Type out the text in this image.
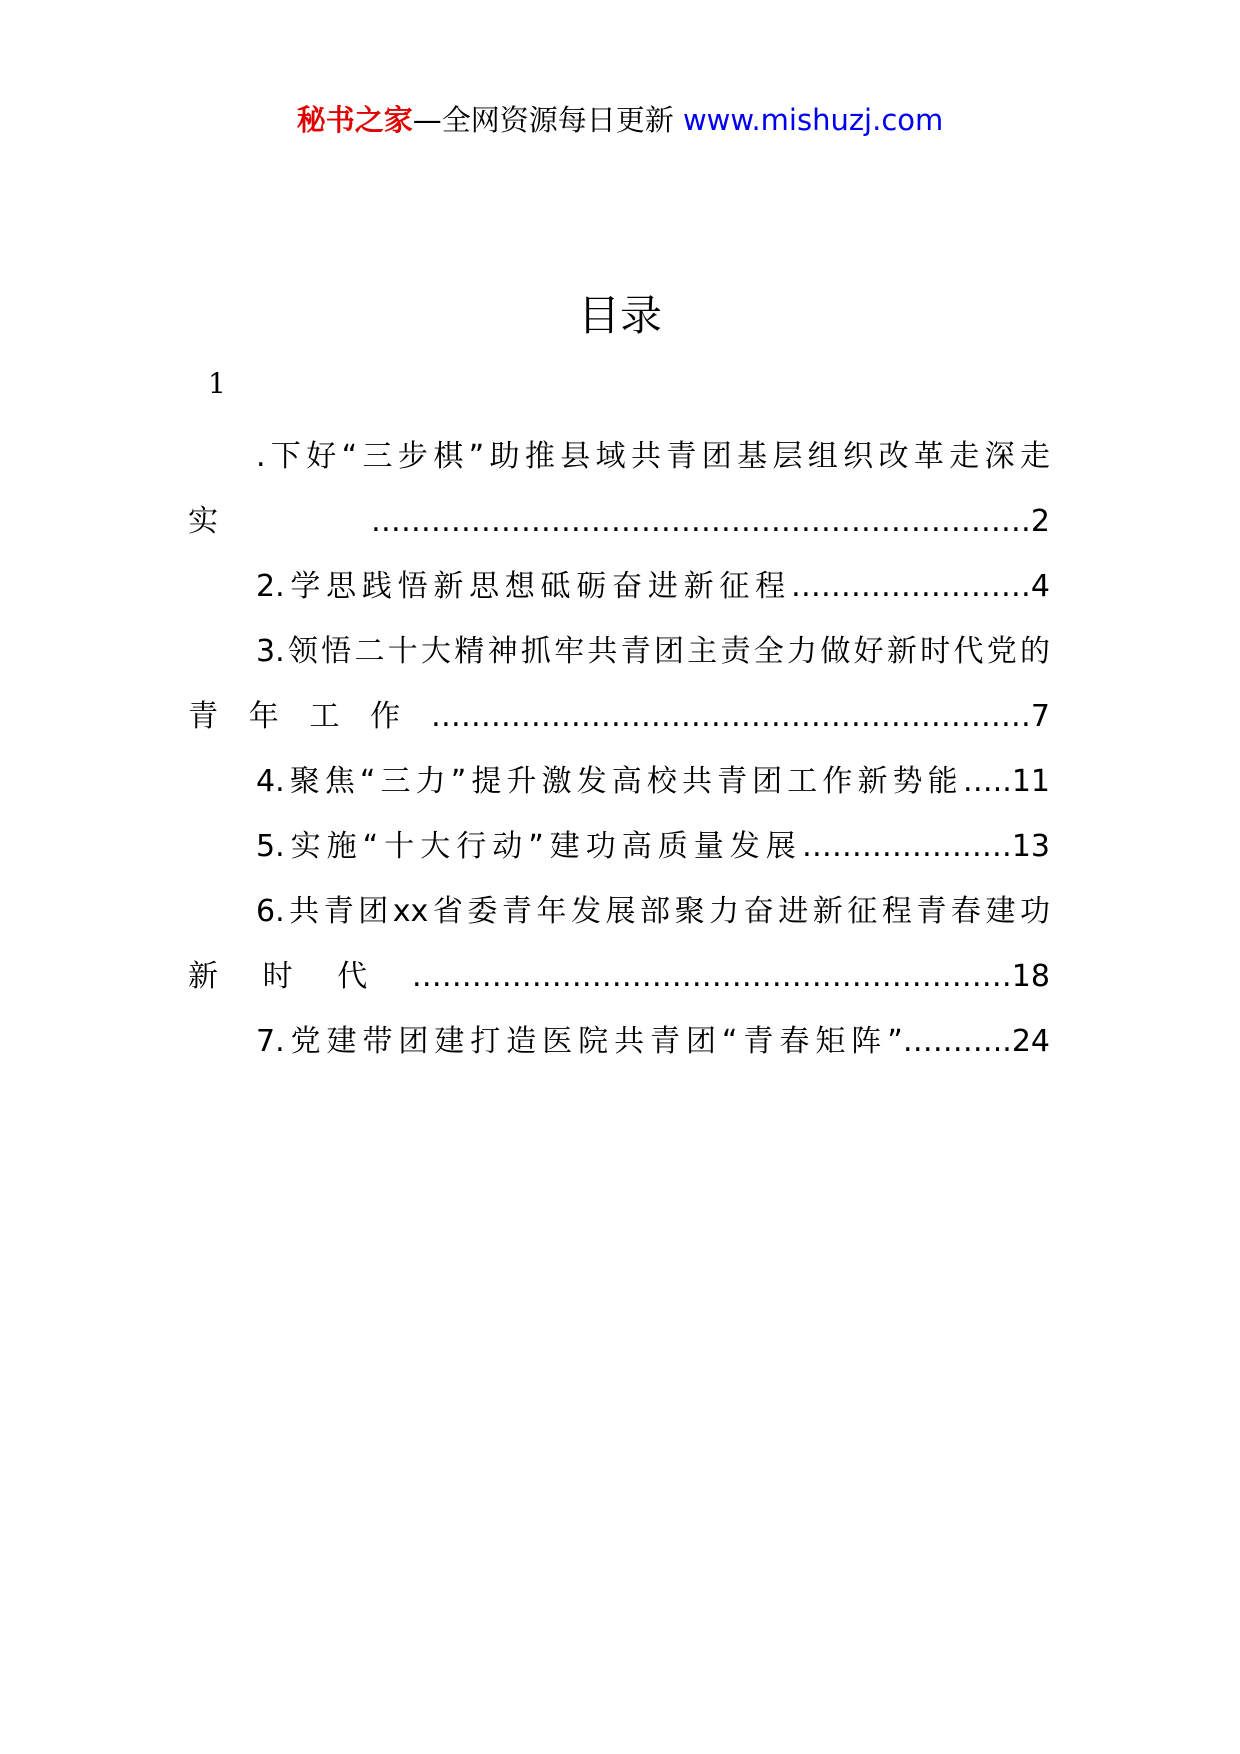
秘书之家—全网资源每日更新 www.mishuzj.com
目录
1
.下好“三步棋”助推县域共青团基层组织改革走深走
实…………………………………………………………2
2.学思践悟新思想砥砺奋进新征程……………………4
3.领悟二十大精神抓牢共青团主责全力做好新时代党的
青年工作……………………………………………………7
4.聚焦“三力”提升激发高校共青团工作新势能…..11
5.实施“十大行动”建功高质量发展…………………13
6.共青团xx省委青年发展部聚力奋进新征程青春建功
新时代……………………………………………………18
7.党建带团建打造医院共青团“青春矩阵”………..24
